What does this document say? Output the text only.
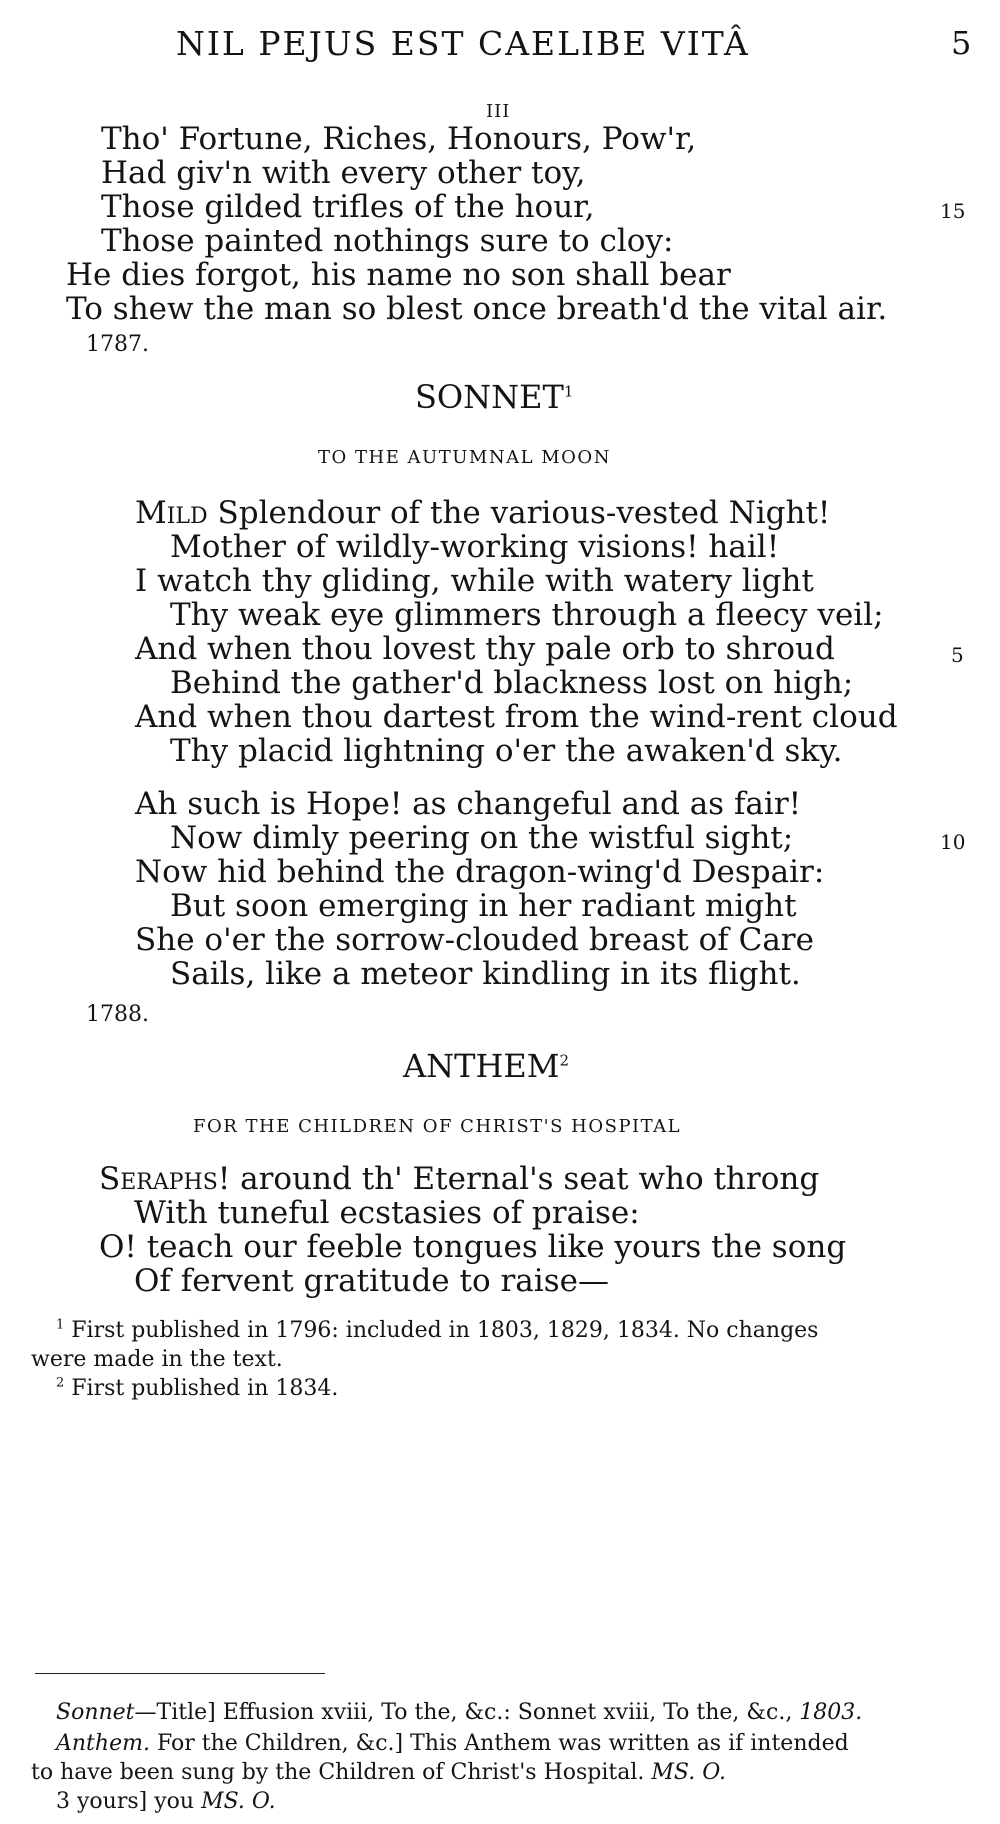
NIL PEJUS EST CAELIBE VITÂ	5
III
Tho' Fortune, Riches, Honours, Pow'r,
Had giv'n with every other toy,
Those gilded trifles of the hour,	15
Those painted nothings sure to cloy:
He dies forgot, his name no son shall bear
To shew the man so blest once breath'd the vital air.
1787.
SONNET$^1$
TO THE AUTUMNAL MOON
Mild Splendour of the various-vested Night!
Mother of wildly-working visions! hail!
I watch thy gliding, while with watery light
Thy weak eye glimmers through a fleecy veil;
And when thou lovest thy pale orb to shroud	5
Behind the gather'd blackness lost on high;
And when thou dartest from the wind-rent cloud
Thy placid lightning o'er the awaken'd sky.
Ah such is Hope! as changeful and as fair!
Now dimly peering on the wistful sight;	10
Now hid behind the dragon-wing'd Despair:
But soon emerging in her radiant might
She o'er the sorrow-clouded breast of Care
Sails, like a meteor kindling in its flight.
1788.
ANTHEM$^2$
FOR THE CHILDREN OF CHRIST'S HOSPITAL
Seraphs! around th' Eternal's seat who throng
With tuneful ecstasies of praise:
O! teach our feeble tongues like yours the song
Of fervent gratitude to raise—
$^1$ First published in 1796: included in 1803, 1829, 1834. No changes
were made in the text.
$^2$ First published in 1834.
Sonnet—Title] Effusion xviii, To the, &c.: Sonnet xviii, To the, &c., 1803.
Anthem. For the Children, &c.] This Anthem was written as if intended
to have been sung by the Children of Christ's Hospital. MS. O.
3 yours] you MS. O.
